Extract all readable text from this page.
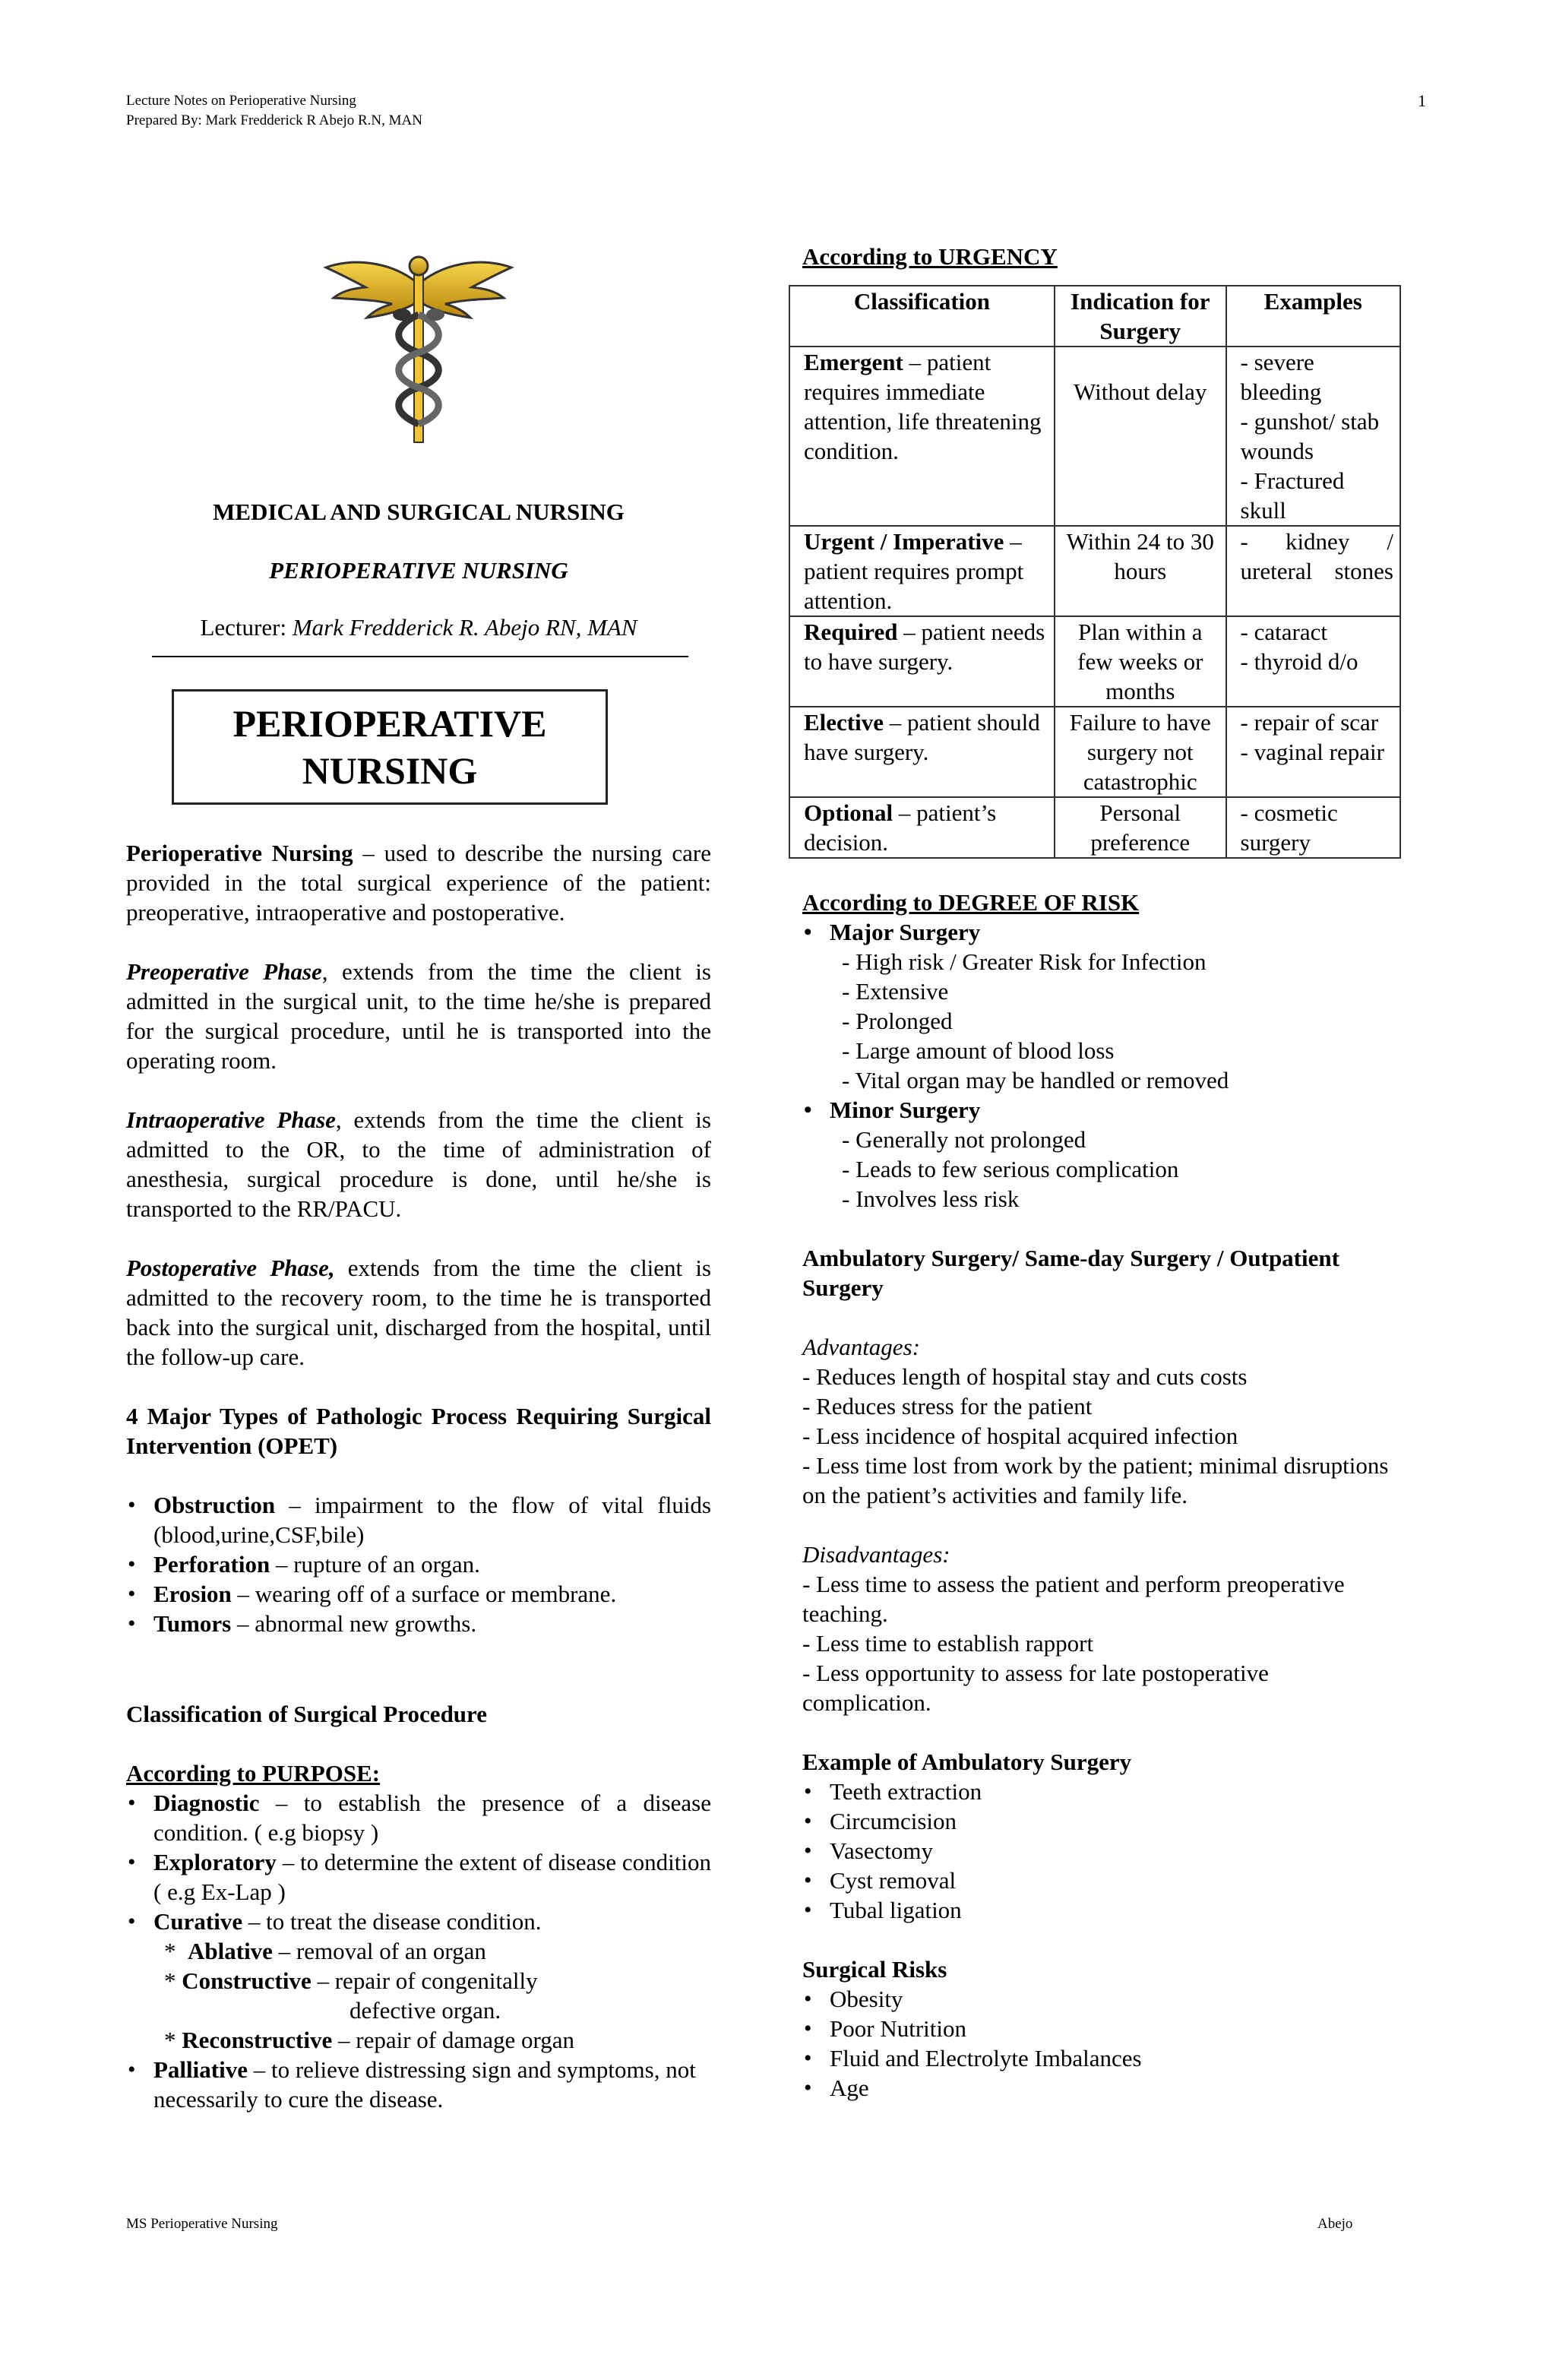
Lecture Notes on Perioperative Nursing
Prepared By: Mark Fredderick R Abejo R.N, MAN
1
MS Perioperative Nursing	Abejo

MEDICAL AND SURGICAL NURSING

PERIOPERATIVE NURSING

Lecturer: Mark Fredderick R. Abejo RN, MAN

PERIOPERATIVE
NURSING

Perioperative Nursing – used to describe the nursing care provided in the total surgical experience of the patient: preoperative, intraoperative and postoperative.

Preoperative Phase, extends from the time the client is admitted in the surgical unit, to the time he/she is prepared for the surgical procedure, until he is transported into the operating room.

Intraoperative Phase, extends from the time the client is admitted to the OR, to the time of administration of anesthesia, surgical procedure is done, until he/she is transported to the RR/PACU.

Postoperative Phase, extends from the time the client is admitted to the recovery room, to the time he is transported back into the surgical unit, discharged from the hospital, until the follow-up care.

4 Major Types of Pathologic Process Requiring Surgical Intervention (OPET)

• Obstruction – impairment to the flow of vital fluids (blood,urine,CSF,bile)
• Perforation – rupture of an organ.
• Erosion – wearing off of a surface or membrane.
• Tumors – abnormal new growths.

Classification of Surgical Procedure

According to PURPOSE:

• Diagnostic – to establish the presence of a disease condition. ( e.g biopsy )
• Exploratory – to determine the extent of disease condition ( e.g Ex-Lap )
• Curative – to treat the disease condition.
*  Ablative – removal of an organ
* Constructive – repair of congenitally
defective organ.
* Reconstructive – repair of damage organ
• Palliative – to relieve distressing sign and symptoms, not necessarily to cure the disease.

According to URGENCY

Classification	Indication for Surgery	Examples
Emergent – patient requires immediate attention, life threatening condition.	Without delay	- severe bleeding
- gunshot/ stab wounds
- Fractured skull
Urgent / Imperative – patient requires prompt attention.	Within 24 to 30 hours	- kidney / ureteral stones
Required – patient needs to have surgery.	Plan within a few weeks or months	- cataract
- thyroid d/o
Elective – patient should have surgery.	Failure to have surgery not catastrophic	- repair of scar
- vaginal repair
Optional – patient’s decision.	Personal preference	- cosmetic surgery

According to DEGREE OF RISK

• Major Surgery
- High risk / Greater Risk for Infection
- Extensive
- Prolonged
- Large amount of blood loss
- Vital organ may be handled or removed
• Minor Surgery
- Generally not prolonged
- Leads to few serious complication
- Involves less risk

Ambulatory Surgery/ Same-day Surgery / Outpatient Surgery

Advantages:

- Reduces length of hospital stay and cuts costs
- Reduces stress for the patient
- Less incidence of hospital acquired infection
- Less time lost from work by the patient; minimal disruptions on the patient’s activities and family life.

Disadvantages:

- Less time to assess the patient and perform preoperative teaching.
- Less time to establish rapport
- Less opportunity to assess for late postoperative complication.

Example of Ambulatory Surgery

• Teeth extraction
• Circumcision
• Vasectomy
• Cyst removal
• Tubal ligation

Surgical Risks

• Obesity
• Poor Nutrition
• Fluid and Electrolyte Imbalances
• Age
